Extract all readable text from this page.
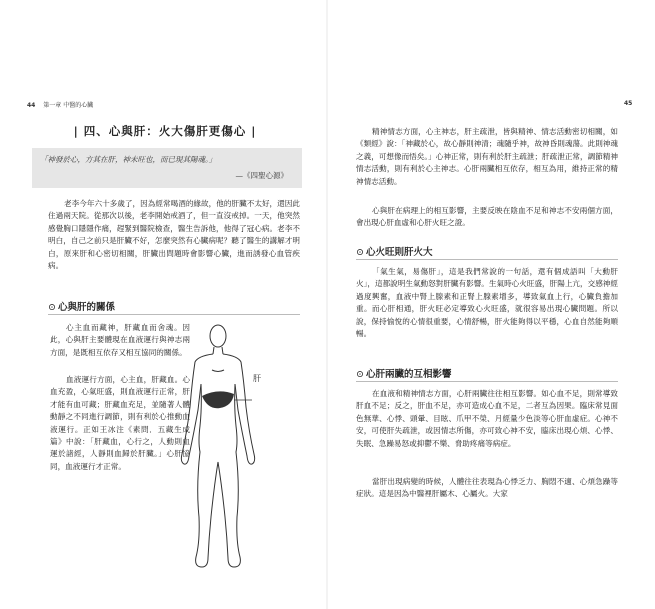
44 第一章 中醫的心臟
| 四、心與肝：火大傷肝更傷心 |
「神發於心，方其在肝，神未旺也，而已現其陽魂。」
—《四聖心源》

老李今年六十多歲了，因為經常喝酒的緣故，他的肝臟不太好，還因此住過兩天院。從那次以後，老李開始戒酒了，但一直沒戒掉。一天，他突然感覺胸口隱隱作痛，趕緊到醫院檢查，醫生告訴他，他得了冠心病。老李不明白，自己之前只是肝臟不好，怎麼突然有心臟病呢？聽了醫生的講解才明白，原來肝和心密切相關，肝臟出問題時會影響心臟，進而誘發心血管疾病。

⊙ 心與肝的關係

心主血而藏神，肝藏血而舍魂。因此，心與肝主要體現在血液運行與神志兩方面，是既相互依存又相互協同的關係。

血液運行方面，心主血，肝藏血。心血充盈，心氣旺盛，則血液運行正常，肝才能有血可藏；肝藏血充足，並隨著人體動靜之不同進行調節，則有利於心推動血液運行。正如王冰注《素問．五藏生成篇》中說：「肝藏血，心行之，人動則血運於諸經，人靜則血歸於肝臟。」心肝協同，血液運行才正常。

肝
45

精神情志方面，心主神志，肝主疏泄，皆與精神、情志活動密切相關，如《類經》說：「神藏於心，故心靜則神清；魂隨乎神，故神昏則魂蕩。此則神魂之義，可想像而悟矣。」心神正常，則有利於肝主疏泄；肝疏泄正常，調節精神情志活動，則有利於心主神志。心肝兩臟相互依存，相互為用，維持正常的精神情志活動。

心與肝在病理上的相互影響，主要反映在陰血不足和神志不安兩個方面，會出現心肝血虛和心肝火旺之證。

⊙ 心火旺則肝火大

「氣生氣，易傷肝」，這是我們常說的一句話，還有個成語叫「大動肝火」，這都說明生氣動怒對肝臟有影響。生氣時心火旺盛，肝陽上亢，交感神經過度興奮，血液中腎上腺素和正腎上腺素增多，導致氣血上行，心臟負擔加重。而心肝相通，肝火旺必定導致心火旺盛，就很容易出現心臟問題。所以說，保持愉悅的心情很重要，心情舒暢，肝火能夠得以平穩，心血自然能夠順暢。

⊙ 心肝兩臟的互相影響

在血液和精神情志方面，心肝兩臟往往相互影響。如心血不足，則常導致肝血不足；反之，肝血不足，亦可造成心血不足，二者互為因果。臨床常見面色無華、心悸、頭暈、目眩、爪甲不榮、月經量少色淡等心肝血虛症。心神不安，可使肝失疏泄，或因情志所傷，亦可致心神不安，臨床出現心煩、心悸、失眠、急躁易怒或抑鬱不樂、脅助疼痛等病症。

當肝出現病變的時候，人體往往表現為心悸乏力、胸悶不適、心煩急躁等症狀。這是因為中醫裡肝屬木、心屬火。大家
